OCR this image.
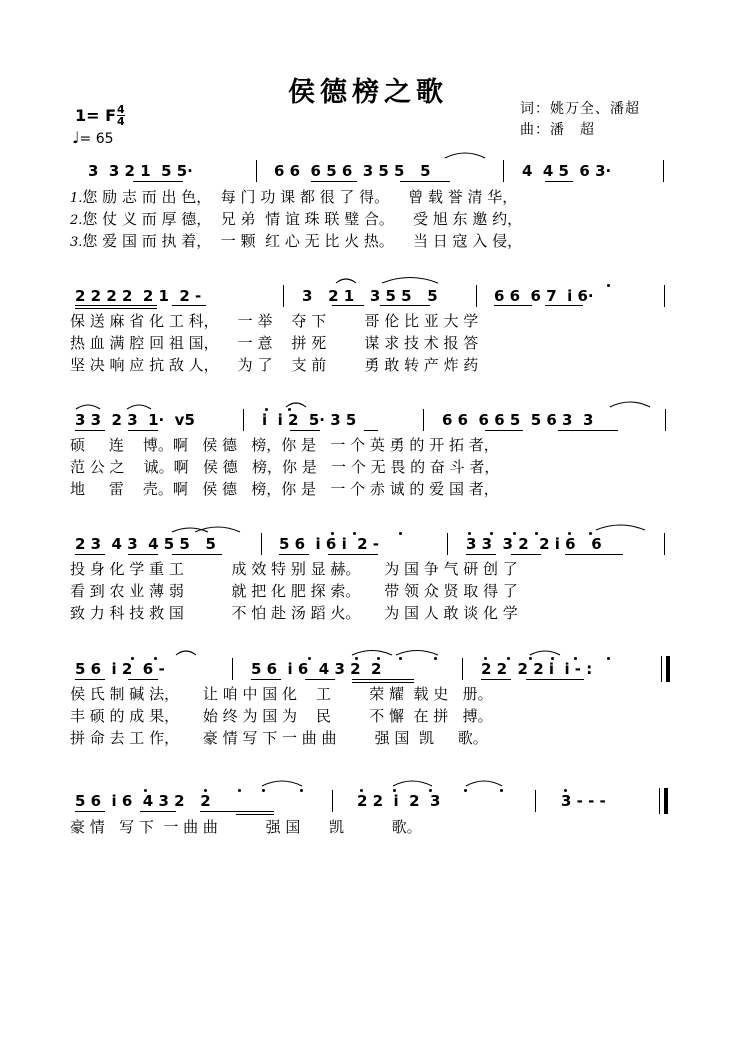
侯德榜之歌
1= F 4
4
♩= 65
词：姚万全、潘超
曲：潘　超
3  3 2 1  5 5·	6 6  6 5 6  3 5 5   5	4  4 5  6 3·
1.您 励 志 而 出 色，  每 门 功 课 都 很 了 得。    曾 载 誉 清 华，
2.您 仗 义 而 厚 德，  兄 弟  情 谊 珠 联 璧 合。    受 旭 东 邀 约，
3.您 爱 国 而 执 着，  一 颗  红 心 无 比 火 热。    当 日 寇 入 侵，
2 2 2 2  2 1  2 -	3   2 1   3 5 5   5	6 6  6 7  i 6·
保 送 麻 省 化 工 科，    一 举    夺 下        哥 伦 比 亚 大 学
热 血 满 腔 回 祖 国，    一 意    拼 死        谋 求 技 术 报 答
坚 决 响 应 抗 敌 人，    为 了    支 前        勇 敢 转 产 炸 药
3 3  2 3  1·  v5	i  i 2  5· 3 5	6 6  6 6 5  5 6 3  3
硕     连    博。啊   侯 德   榜，你 是   一 个 英 勇 的 开 拓 者，
范 公 之    诚。啊   侯 德   榜，你 是   一 个 无 畏 的 奋 斗 者，
地     雷    壳。啊   侯 德   榜，你 是   一 个 赤 诚 的 爱 国 者，
2 3  4 3  4 5 5   5	5 6  i 6 i  2 -	3 3  3 2  2 i 6   6
投 身 化 学 重 工          成 效 特 别 显 赫。     为 国 争 气 研 创 了
看 到 农 业 薄 弱          就 把 化 肥 探 索。     带 领 众 贤 取 得 了
致 力 科 技 救 国          不 怕 赴 汤 蹈 火。     为 国 人 敢 谈 化 学
5 6  i 2  6 -	5 6  i 6  4 3 2  2	2 2  2 2 i  i - :
侯 氏 制 碱 法，     让 咱 中 国 化    工        荣 耀  载 史   册。
丰 硕 的 成 果，     始 终 为 国 为    民        不 懈  在 拼   搏。
拼 命 去 工 作，     豪 情 写 下 一 曲 曲        强 国  凯     歌。
5 6  i 6  4 3 2   2	2 2  i  2  3	3 - - -
豪 情   写 下  一 曲 曲          强 国      凯          歌。
